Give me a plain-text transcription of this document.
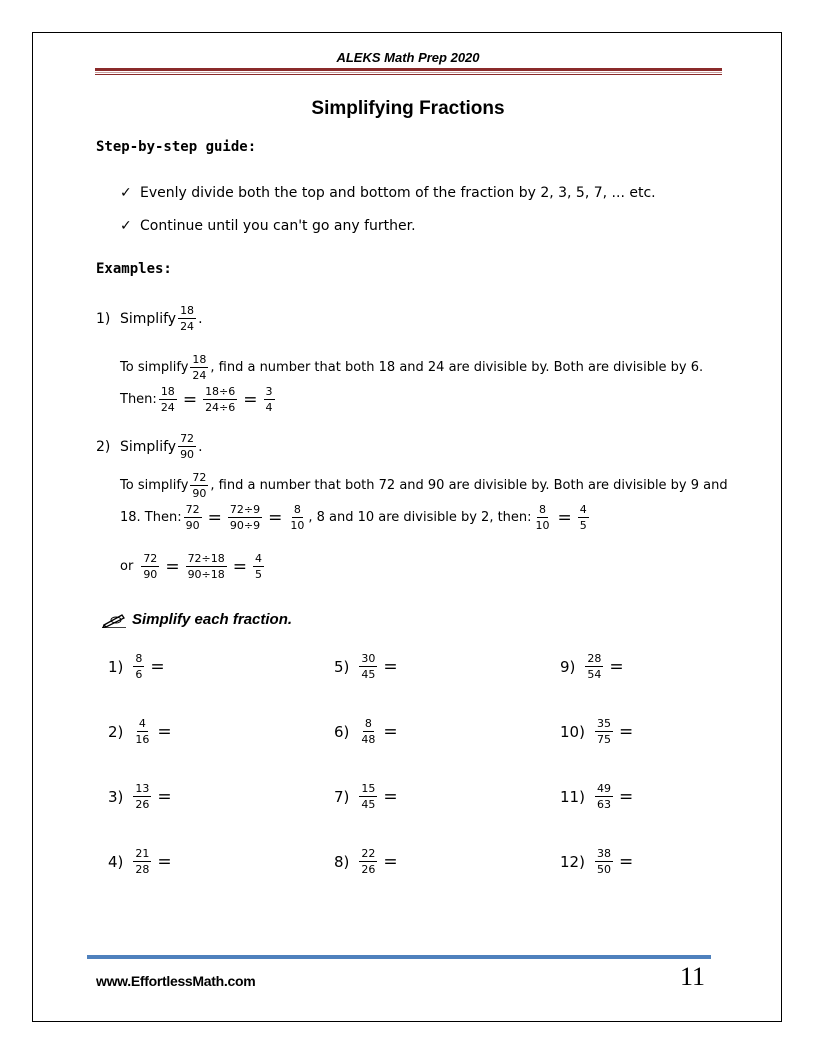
ALEKS Math Prep 2020
Simplifying Fractions
Step-by-step guide:
✓ Evenly divide both the top and bottom of the fraction by 2, 3, 5, 7, ... etc.
✓ Continue until you can't go any further.
Examples:
1) Simplify $\frac{18}{24}$ .
To simplify $\frac{18}{24}$ , find a number that both 18 and 24 are divisible by. Both are divisible by 6.
Then: $\frac{18}{24} = \frac{18\div 6}{24\div 6} = \frac{3}{4}$
2) Simplify $\frac{72}{90}$ .
To simplify $\frac{72}{90}$ , find a number that both 72 and 90 are divisible by. Both are divisible by 9 and
18. Then: $\frac{72}{90} = \frac{72\div 9}{90\div 9} = \frac{8}{10}$ , 8 and 10 are divisible by 2, then: $\frac{8}{10} = \frac{4}{5}$
or $\frac{72}{90} = \frac{72\div 18}{90\div 18} = \frac{4}{5}$
Simplify each fraction.
$1) \frac{8}{6}$ =	$5) \frac{30}{45}$ =	$9) \frac{28}{54}$ =
$2) \frac{4}{16}$ =	$6) \frac{8}{48}$ =	$10) \frac{35}{75}$ =
$3) \frac{13}{26}$ =	$7) \frac{15}{45}$ =	$11) \frac{49}{63}$ =
$4) \frac{21}{28}$ =	$8) \frac{22}{26}$ =	$12) \frac{38}{50}$ =
www.EffortlessMath.com	11
